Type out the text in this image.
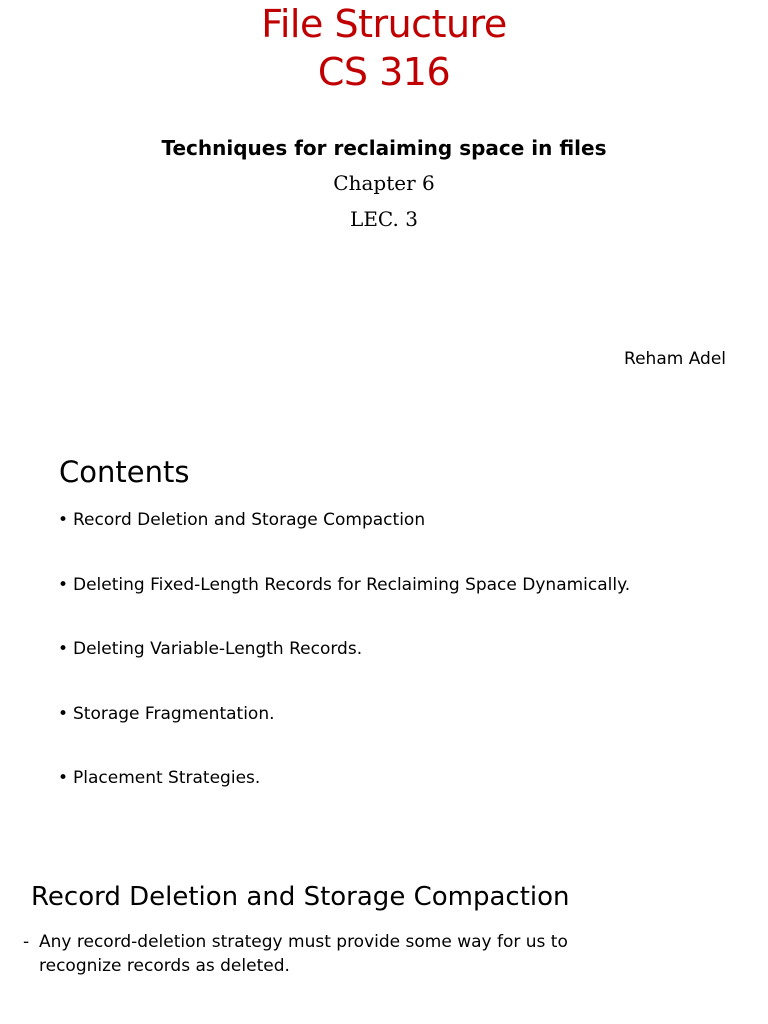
File Structure
CS 316
Techniques for reclaiming space in files
Chapter 6
LEC. 3
Reham Adel
Contents
• Record Deletion and Storage Compaction
• Deleting Fixed-Length Records for Reclaiming Space Dynamically.
• Deleting Variable-Length Records.
• Storage Fragmentation.
• Placement Strategies.
Record Deletion and Storage Compaction
- Any record-deletion strategy must provide some way for us to
recognize records as deleted.
